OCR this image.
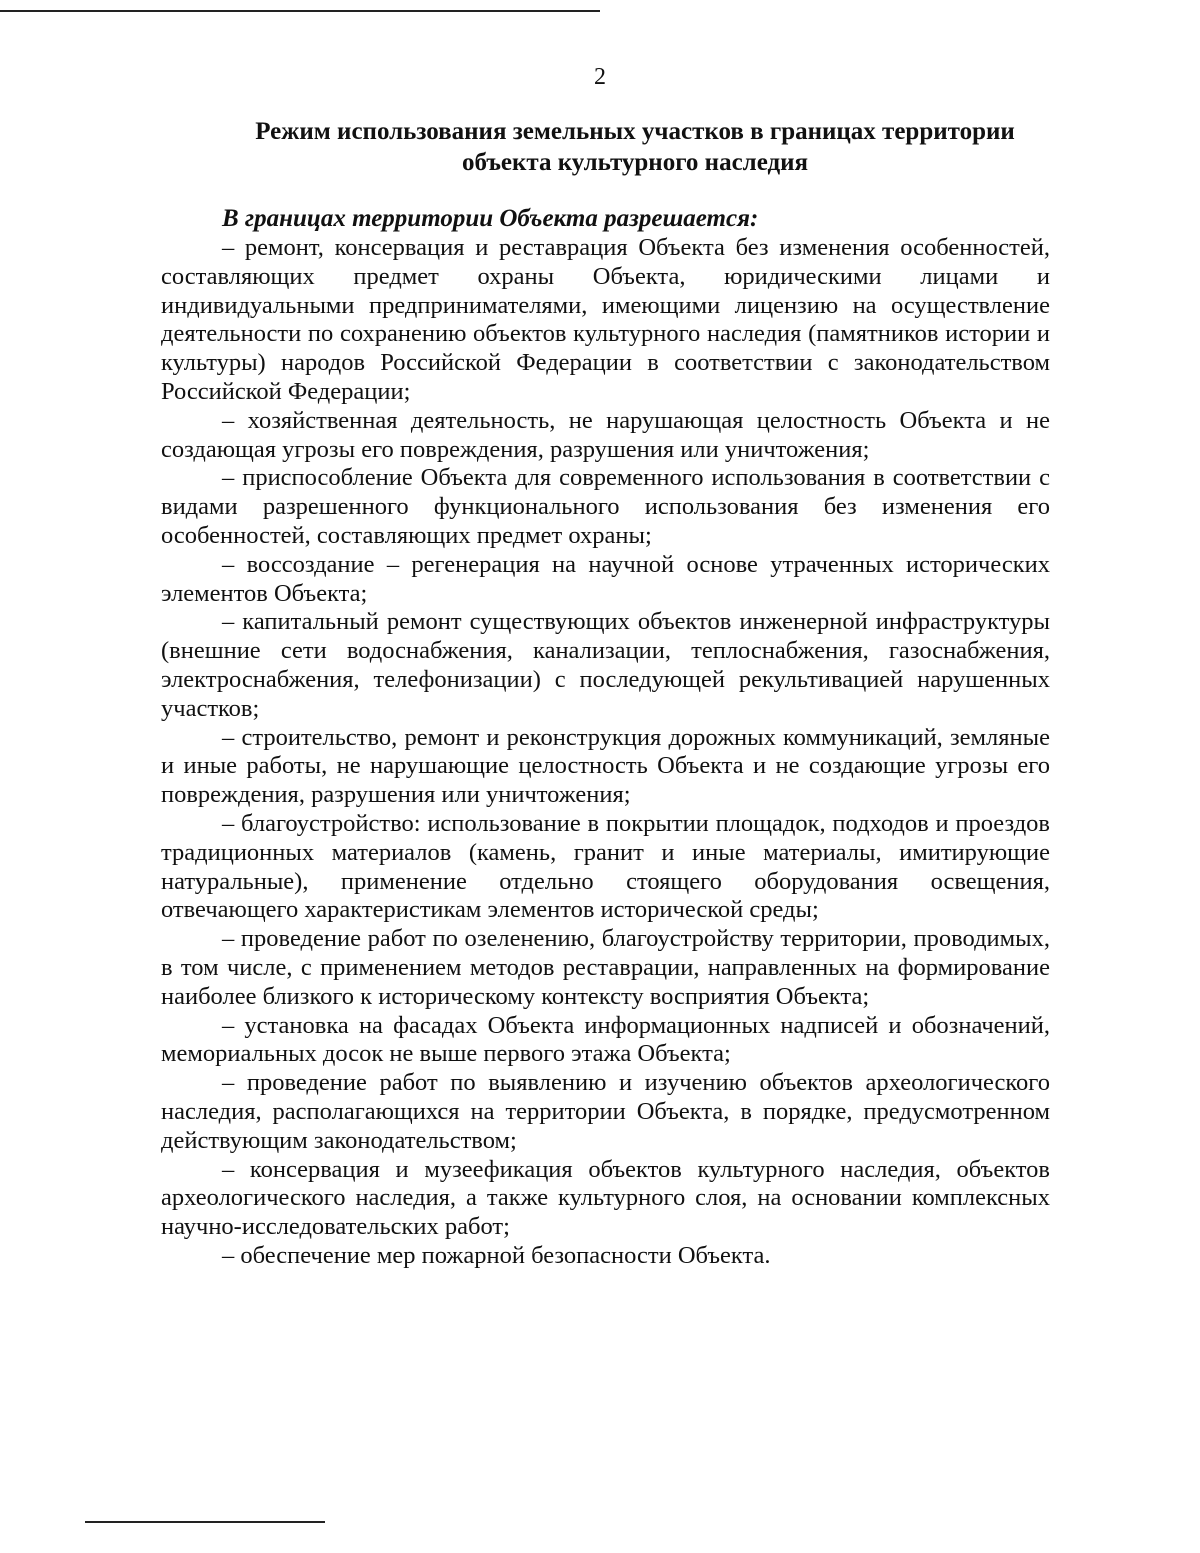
2
Режим использования земельных участков в границах территории
объекта культурного наследия
В границах территории Объекта разрешается:

– ремонт, консервация и реставрация Объекта без изменения особенностей, составляющих предмет охраны Объекта, юридическими лицами и индивидуальными предпринимателями, имеющими лицензию на осуществление деятельности по сохранению объектов культурного наследия (памятников истории и культуры) народов Российской Федерации в соответствии с законодательством Российской Федерации;

– хозяйственная деятельность, не нарушающая целостность Объекта и не создающая угрозы его повреждения, разрушения или уничтожения;

– приспособление Объекта для современного использования в соответствии с видами разрешенного функционального использования без изменения его особенностей, составляющих предмет охраны;

– воссоздание – регенерация на научной основе утраченных исторических элементов Объекта;

– капитальный ремонт существующих объектов инженерной инфраструктуры (внешние сети водоснабжения, канализации, теплоснабжения, газоснабжения, электроснабжения, телефонизации) с последующей рекультивацией нарушенных участков;

– строительство, ремонт и реконструкция дорожных коммуникаций, земляные и иные работы, не нарушающие целостность Объекта и не создающие угрозы его повреждения, разрушения или уничтожения;

– благоустройство: использование в покрытии площадок, подходов и проездов традиционных материалов (камень, гранит и иные материалы, имитирующие натуральные), применение отдельно стоящего оборудования освещения, отвечающего характеристикам элементов исторической среды;

– проведение работ по озеленению, благоустройству территории, проводимых, в том числе, с применением методов реставрации, направленных на формирование наиболее близкого к историческому контексту восприятия Объекта;

– установка на фасадах Объекта информационных надписей и обозначений, мемориальных досок не выше первого этажа Объекта;

– проведение работ по выявлению и изучению объектов археологического наследия, располагающихся на территории Объекта, в порядке, предусмотренном действующим законодательством;

– консервация и музеефикация объектов культурного наследия, объектов археологического наследия, а также культурного слоя, на основании комплексных научно-исследовательских работ;

– обеспечение мер пожарной безопасности Объекта.
